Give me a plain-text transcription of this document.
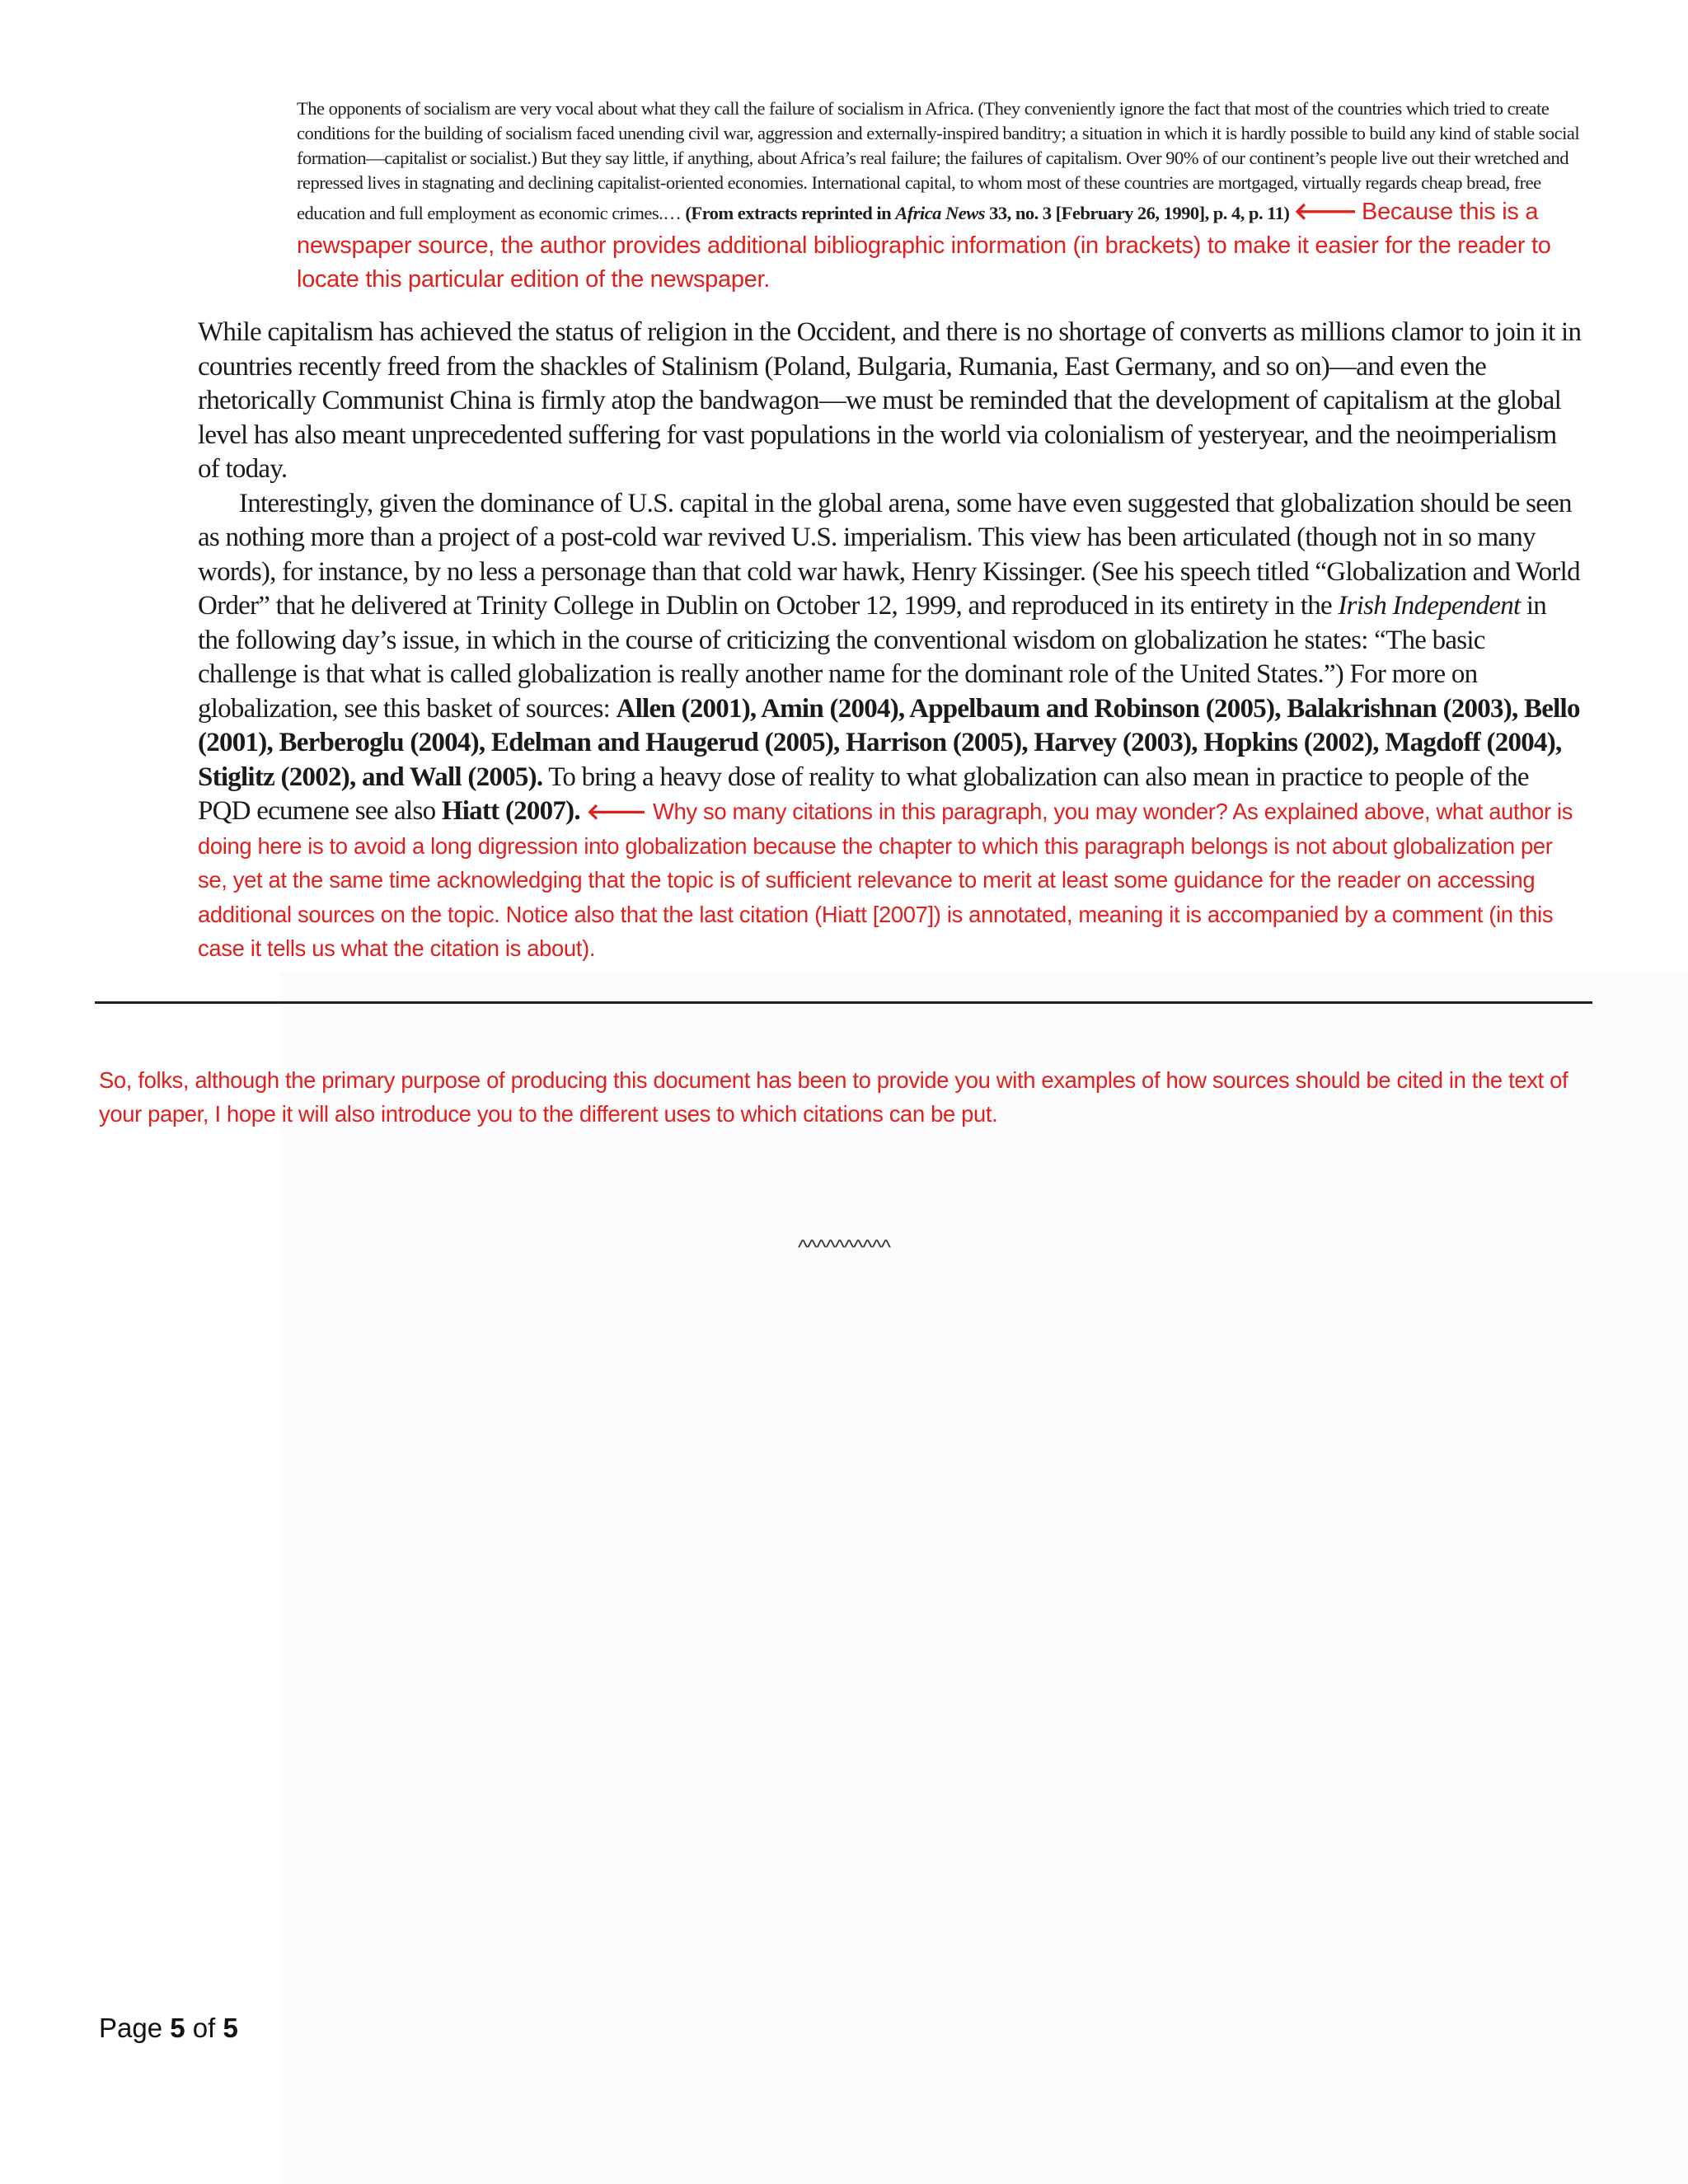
The opponents of socialism are very vocal about what they call the failure of socialism in Africa. (They conveniently ignore the fact that most of the countries which tried to create conditions for the building of socialism faced unending civil war, aggression and externally-inspired banditry; a situation in which it is hardly possible to build any kind of stable social formation—capitalist or socialist.) But they say little, if anything, about Africa’s real failure; the failures of capitalism. Over 90% of our continent’s people live out their wretched and repressed lives in stagnating and declining capitalist-oriented economies. International capital, to whom most of these countries are mortgaged, virtually regards cheap bread, free education and full employment as economic crimes.… (From extracts reprinted in Africa News 33, no. 3 [February 26, 1990], p. 4, p. 11) 🡐 Because this is a newspaper source, the author provides additional bibliographic information (in brackets) to make it easier for the reader to locate this particular edition of the newspaper.

While capitalism has achieved the status of religion in the Occident, and there is no shortage of converts as millions clamor to join it in countries recently freed from the shackles of Stalinism (Poland, Bulgaria, Rumania, East Germany, and so on)—and even the rhetorically Communist China is firmly atop the bandwagon—we must be reminded that the development of capitalism at the global level has also meant unprecedented suffering for vast populations in the world via colonialism of yesteryear, and the neoimperialism of today.

Interestingly, given the dominance of U.S. capital in the global arena, some have even suggested that globalization should be seen as nothing more than a project of a post-cold war revived U.S. imperialism. This view has been articulated (though not in so many words), for instance, by no less a personage than that cold war hawk, Henry Kissinger. (See his speech titled “Globalization and World Order” that he delivered at Trinity College in Dublin on October 12, 1999, and reproduced in its entirety in the Irish Independent in the following day’s issue, in which in the course of criticizing the conventional wisdom on globalization he states: “The basic challenge is that what is called globalization is really another name for the dominant role of the United States.”) For more on globalization, see this basket of sources: Allen (2001), Amin (2004), Appelbaum and Robinson (2005), Balakrishnan (2003), Bello (2001), Berberoglu (2004), Edelman and Haugerud (2005), Harrison (2005), Harvey (2003), Hopkins (2002), Magdoff (2004), Stiglitz (2002), and Wall (2005). To bring a heavy dose of reality to what globalization can also mean in practice to people of the PQD ecumene see also Hiatt (2007). 🡐 Why so many citations in this paragraph, you may wonder? As explained above, what author is doing here is to avoid a long digression into globalization because the chapter to which this paragraph belongs is not about globalization per se, yet at the same time acknowledging that the topic is of sufficient relevance to merit at least some guidance for the reader on accessing additional sources on the topic. Notice also that the last citation (Hiatt [2007]) is annotated, meaning it is accompanied by a comment (in this case it tells us what the citation is about).

So, folks, although the primary purpose of producing this document has been to provide you with examples of how sources should be cited in the text of your paper, I hope it will also introduce you to the different uses to which citations can be put.
^^^^^^^^^^
Page 5 of 5
